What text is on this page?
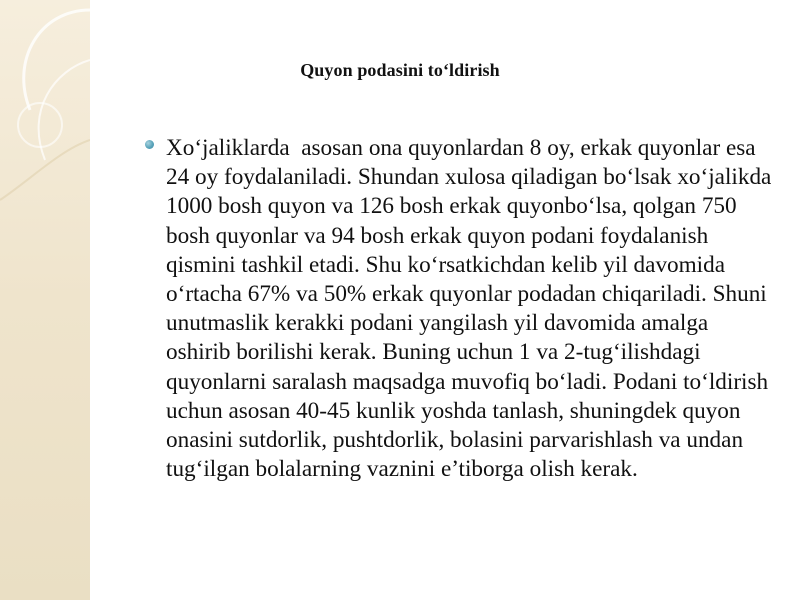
Quyon podasini to‘ldirish

Xo‘jaliklarda  asosan ona quyonlardan 8 oy, erkak quyonlar esa 24 oy foydalaniladi. Shundan xulosa qiladigan bo‘lsak xo‘jalikda 1000 bosh quyon va 126 bosh erkak quyonbo‘lsa, qolgan 750 bosh quyonlar va 94 bosh erkak quyon podani foydalanish qismini tashkil etadi. Shu ko‘rsatkichdan kelib yil davomida o‘rtacha 67% va 50% erkak quyonlar podadan chiqariladi. Shuni unutmaslik kerakki podani yangilash yil davomida amalga oshirib borilishi kerak. Buning uchun 1 va 2-tug‘ilishdagi quyonlarni saralash maqsadga muvofiq bo‘ladi. Podani to‘ldirish uchun asosan 40-45 kunlik yoshda tanlash, shuningdek quyon onasini sutdorlik, pushtdorlik, bolasini parvarishlash va undan tug‘ilgan bolalarning vaznini e’tiborga olish kerak.
